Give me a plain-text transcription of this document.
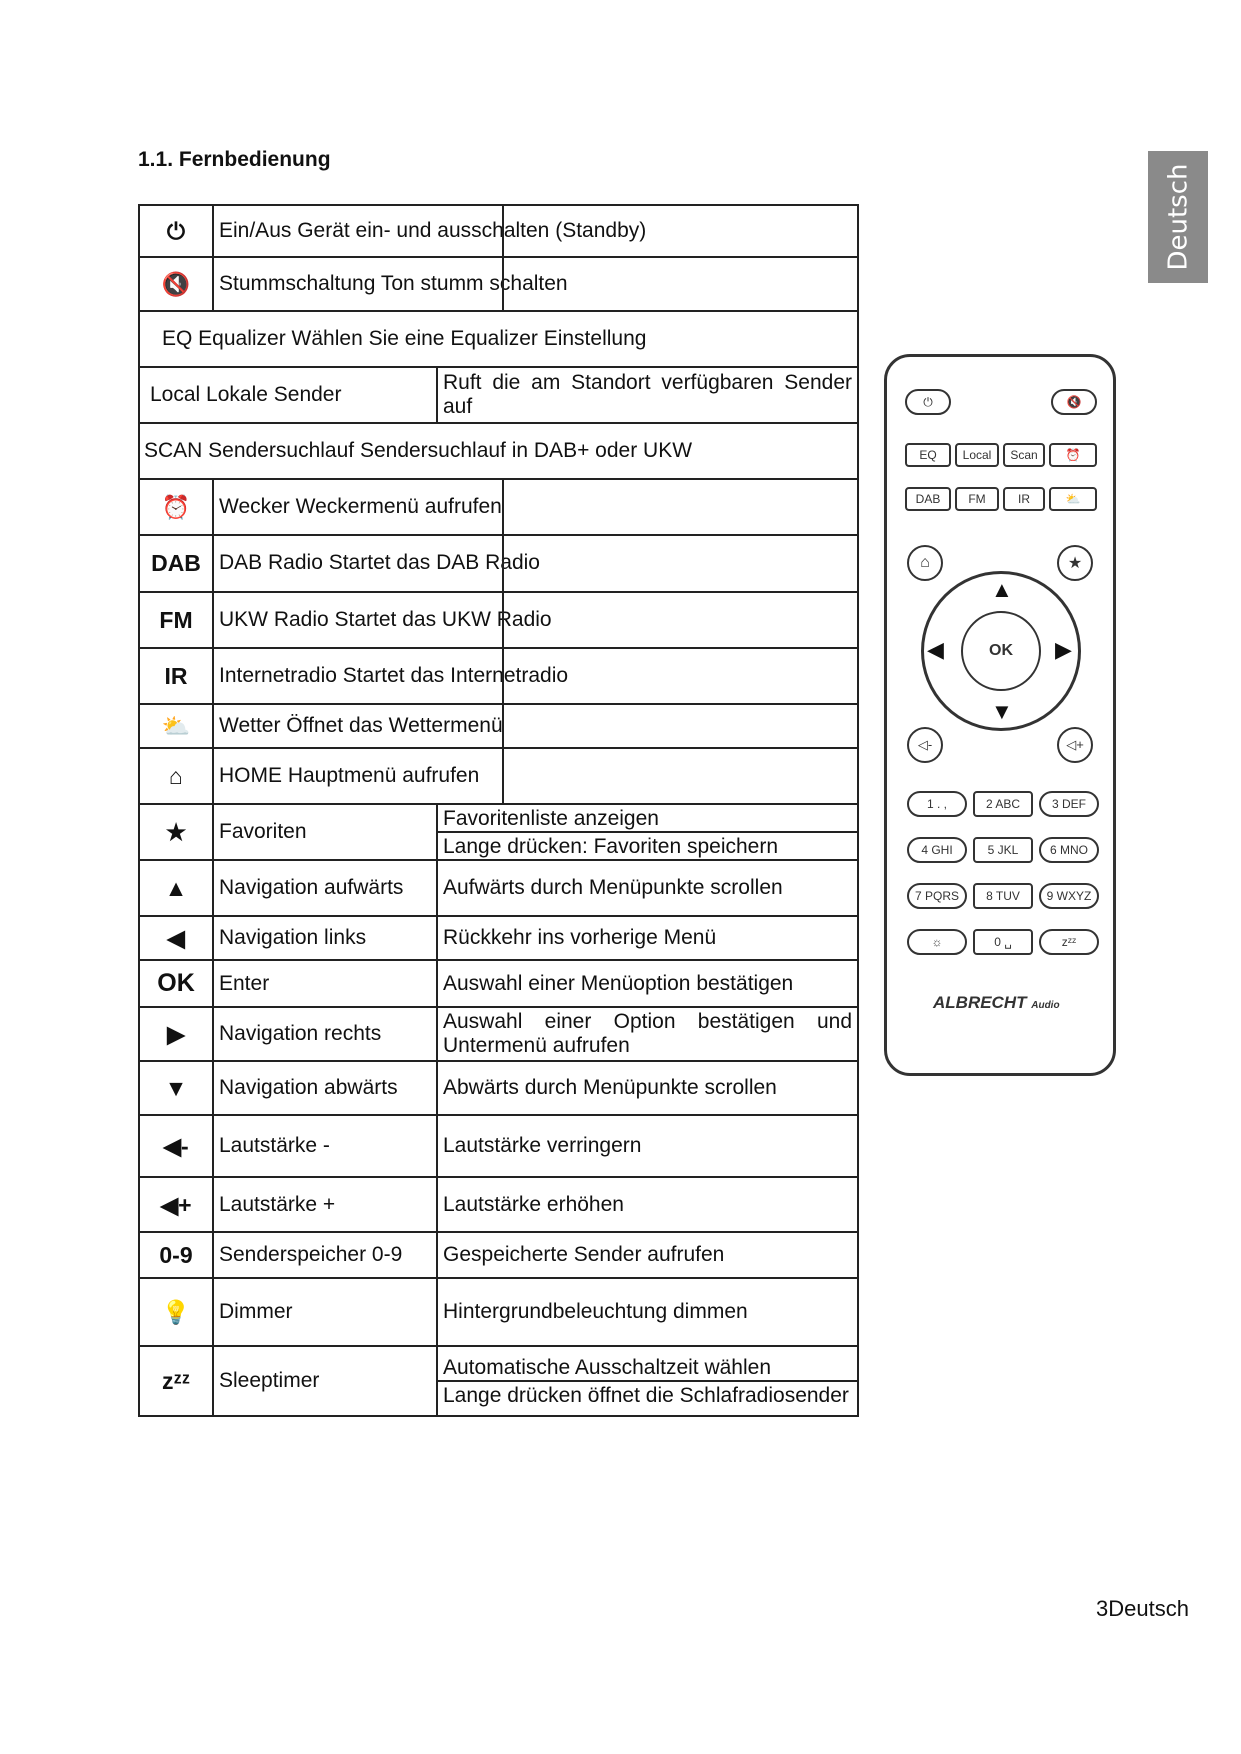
1.1. Fernbedienung
Deutsch
⏻	Ein/Aus Gerät ein- und ausschalten (Standby)	
🔇	Stummschaltung Ton stumm schalten	
EQ Equalizer Wählen Sie eine Equalizer Einstellung		
Local Lokale Sender		Ruft die am Standort verfügbaren Sender auf
SCAN Sendersuchlauf Sendersuchlauf in DAB+ oder UKW		
⏰	Wecker Weckermenü aufrufen	
DAB	DAB Radio Startet das DAB Radio	
FM	UKW Radio Startet das UKW Radio	
IR	Internetradio Startet das Internetradio	
⛅	Wetter Öffnet das Wettermenü	
⌂	HOME Hauptmenü aufrufen	
★	Favoriten	Favoritenliste anzeigen
Lange drücken: Favoriten speichern

▲	Navigation aufwärts	Aufwärts durch Menüpunkte scrollen
◀	Navigation links	Rückkehr ins vorherige Menü
OK	Enter	Auswahl einer Menüoption bestätigen
▶	Navigation rechts	Auswahl einer Option bestätigen und Untermenü aufrufen
▼	Navigation abwärts	Abwärts durch Menüpunkte scrollen
◀-	Lautstärke -	Lautstärke verringern
◀+	Lautstärke +	Lautstärke erhöhen
0-9	Senderspeicher 0-9	Gespeicherte Sender aufrufen
💡	Dimmer	Hintergrundbeleuchtung dimmen
zᶻᶻ	Sleeptimer	Automatische Ausschaltzeit wählen
Lange drücken öffnet die Schlafradiosender
⏻	🔇
EQ	Local	Scan	⏰
DAB	FM	IR	⛅
⌂	★
OK
▲
▼
◀	▶
◁-	◁+
1 . ,	2 ABC	3 DEF
4 GHI	5 JKL	6 MNO
7 PQRS	8 TUV	9 WXYZ
☼	0 ␣	zᶻᶻ
ALBRECHT Audio
3Deutsch
